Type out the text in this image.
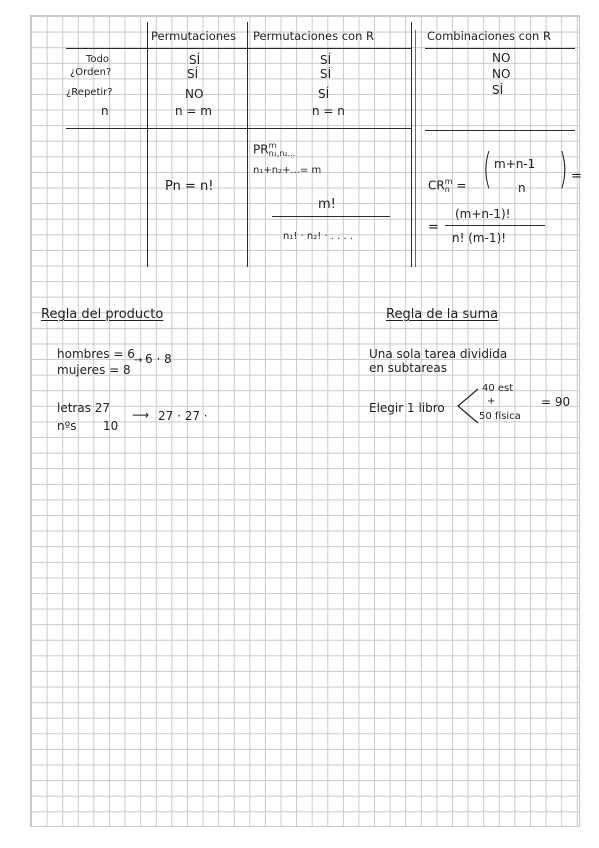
Permutaciones Permutaciones con R	Combinaciones con R
Todo
¿Orden?
¿Repetir?
n
SÍ
SÍ
NO
n = m
SÍ
SÍ
SÍ
n = n
NO
NO
SÍ
Pn = n!
PR m
n₁,n₂...
n₁+n₂+...= m
m!
n₁! · n₂! · . . . .
CR m
n = ( m+n-1
n ) =
=
(m+n-1)!
n! (m-1)!
Regla del producto
hombres = 6 → 6 · 8
mujeres = 8
letras 27
nºs 10
⟶ 27 · 27 ·
Regla de la suma
Una sola tarea dividida
en subtareas
Elegir 1 libro
40 est
+
50 física
= 90
